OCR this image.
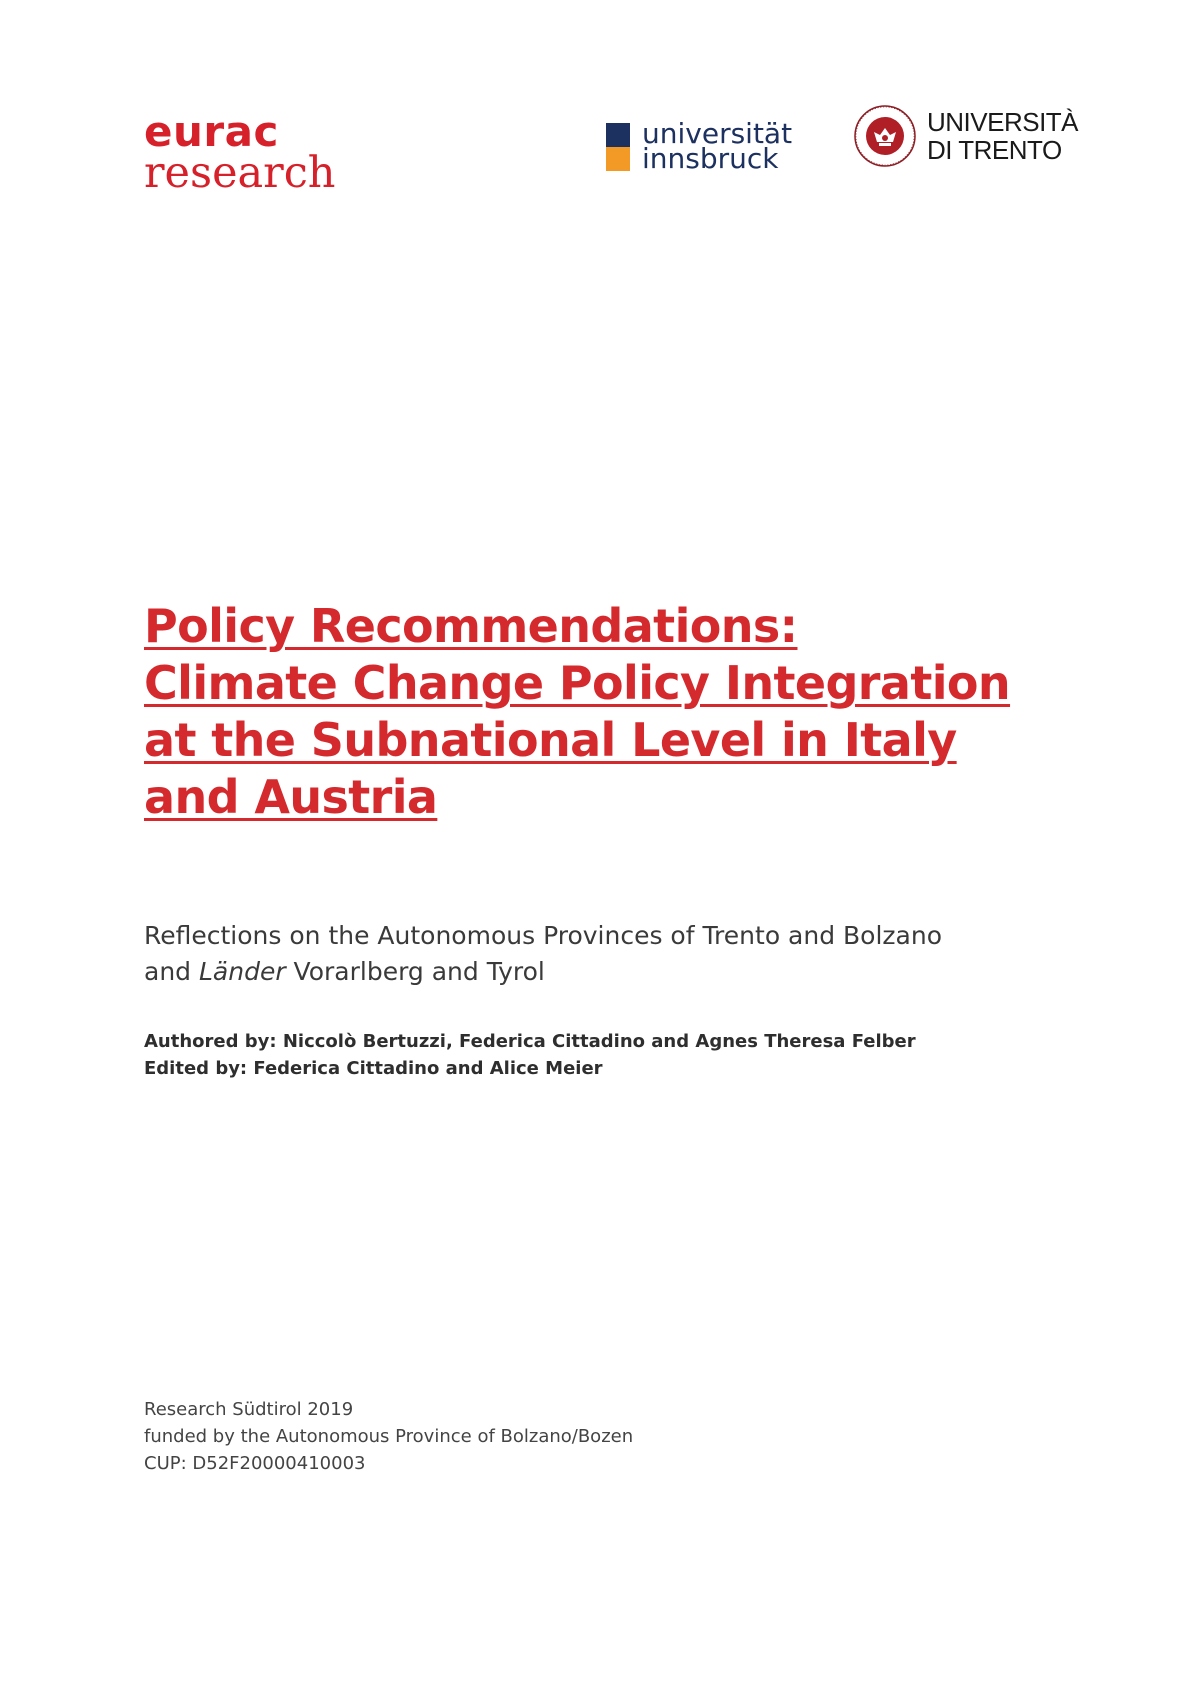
eurac
research
universität
innsbruck
UNIVERSITÀ
DI TRENTO
Policy Recommendations:
Climate Change Policy Integration
at the Subnational Level in Italy
and Austria
Reflections on the Autonomous Provinces of Trento and Bolzano
and Länder Vorarlberg and Tyrol
Authored by: Niccolò Bertuzzi, Federica Cittadino and Agnes Theresa Felber
Edited by: Federica Cittadino and Alice Meier
Research Südtirol 2019
funded by the Autonomous Province of Bolzano/Bozen
CUP: D52F20000410003
